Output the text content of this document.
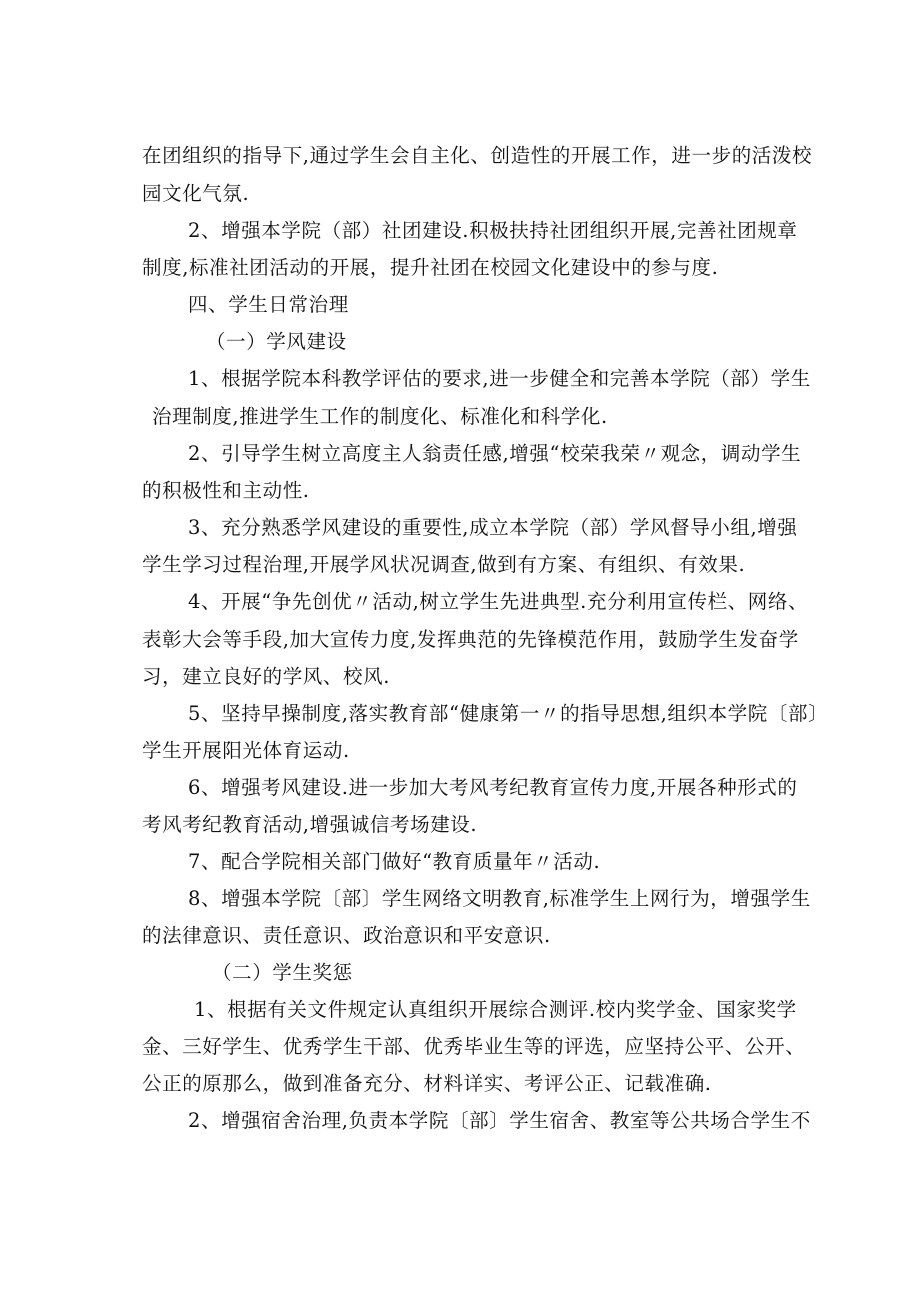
在团组织的指导下,通过学生会自主化、创造性的开展工作，进一步的活泼校
园文化气氛.
2、增强本学院（部）社团建设.积极扶持社团组织开展,完善社团规章
制度,标准社团活动的开展，提升社团在校园文化建设中的参与度.
四、学生日常治理
（一）学风建设
1、根据学院本科教学评估的要求,进一步健全和完善本学院（部）学生
治理制度,推进学生工作的制度化、标准化和科学化.
2、引导学生树立高度主人翁责任感,增强“校荣我荣〃观念，调动学生
的积极性和主动性.
3、充分熟悉学风建设的重要性,成立本学院（部）学风督导小组,增强
学生学习过程治理,开展学风状况调查,做到有方案、有组织、有效果.
4、开展“争先创优〃活动,树立学生先进典型.充分利用宣传栏、网络、
表彰大会等手段,加大宣传力度,发挥典范的先锋模范作用，鼓励学生发奋学
习，建立良好的学风、校风.
5、坚持早操制度,落实教育部“健康第一〃的指导思想,组织本学院〔部〕
学生开展阳光体育运动.
6、增强考风建设.进一步加大考风考纪教育宣传力度,开展各种形式的
考风考纪教育活动,增强诚信考场建设.
7、配合学院相关部门做好“教育质量年〃活动.
8、增强本学院〔部〕学生网络文明教育,标准学生上网行为，增强学生
的法律意识、责任意识、政治意识和平安意识.
（二）学生奖惩
1、根据有关文件规定认真组织开展综合测评.校内奖学金、国家奖学
金、三好学生、优秀学生干部、优秀毕业生等的评选，应坚持公平、公开、
公正的原那么，做到准备充分、材料详实、考评公正、记载准确.
2、增强宿舍治理,负责本学院〔部〕学生宿舍、教室等公共场合学生不
